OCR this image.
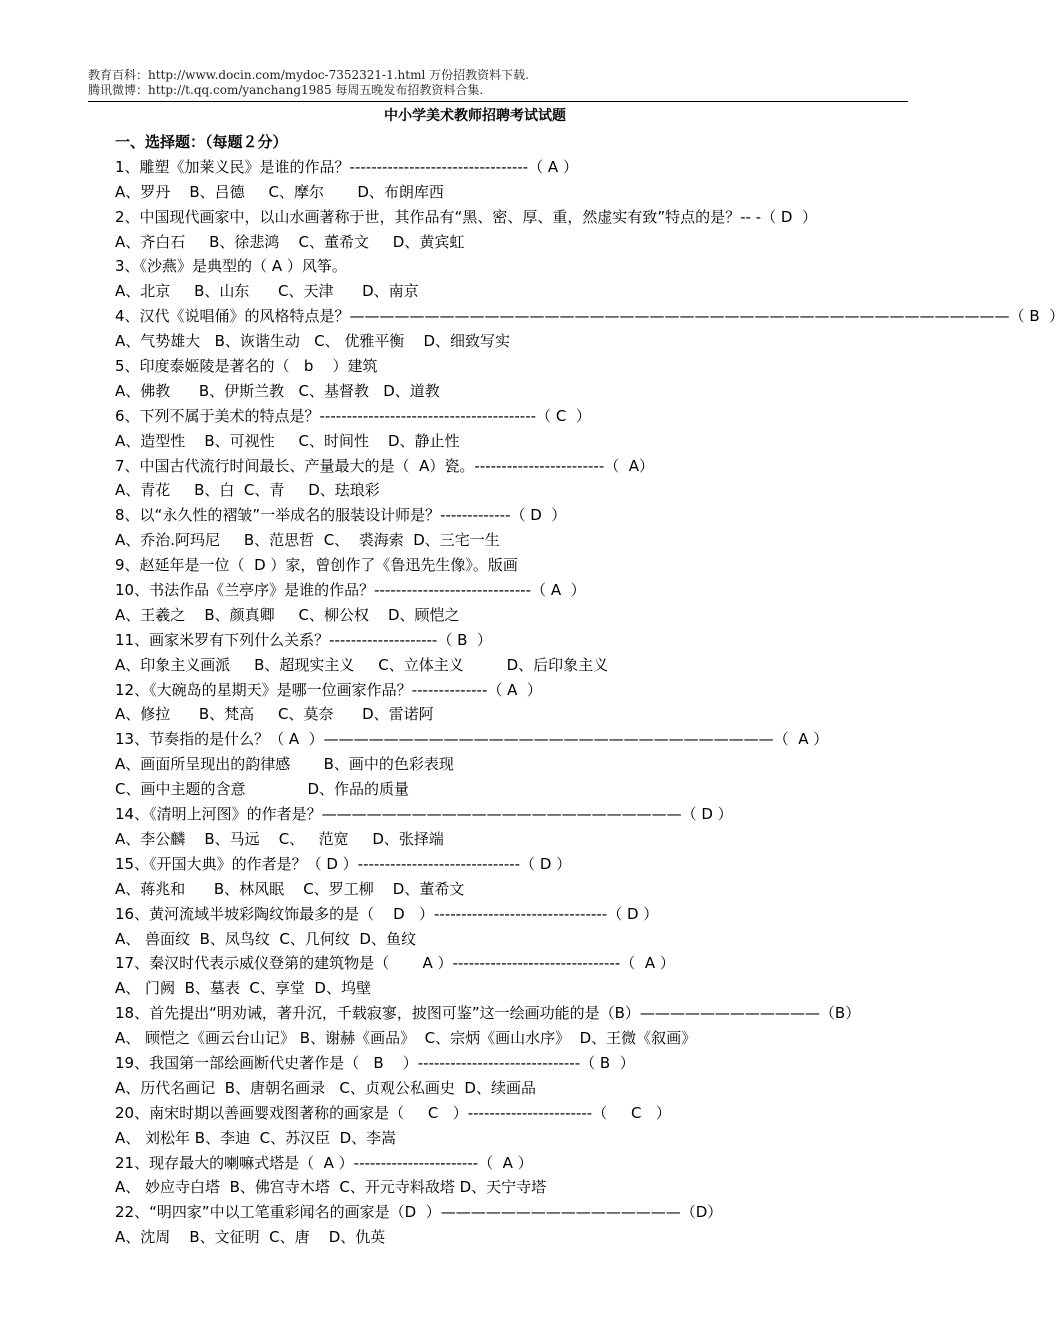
教育百科：http://www.docin.com/mydoc-7352321-1.html 万份招教资料下载.
腾讯微博：http://t.qq.com/yanchang1985 每周五晚发布招教资料合集.
中小学美术教师招聘考试试题
一、选择题：（每题２分）
1、雕塑《加莱义民》是谁的作品？---------------------------------（ A ）
A、罗丹    B、吕德     C、摩尔       D、布朗库西
2、中国现代画家中，以山水画著称于世，其作品有“黑、密、厚、重，然虚实有致”特点的是？-- -（ D  ）
A、齐白石     B、徐悲鸿    C、董希文     D、黄宾虹
3、《沙燕》是典型的（ A ）风筝。
A、北京     B、山东      C、天津      D、南京
4、汉代《说唱俑》的风格特点是？————————————————————————————————————————————（ B  ）
A、气势雄大   B、诙谐生动   C、 优雅平衡    D、细致写实
5、印度泰姬陵是著名的（   b    ）建筑
A、佛教      B、伊斯兰教   C、基督教   D、道教
6、下列不属于美术的特点是？----------------------------------------（ C  ）
A、造型性    B、可视性     C、时间性    D、静止性
7、中国古代流行时间最长、产量最大的是（  A）瓷。------------------------（  A）
A、青花     B、白  C、青     D、珐琅彩
8、以“永久性的褶皱”一举成名的服装设计师是？-------------（ D  ）
A、乔治.阿玛尼     B、范思哲  C、  裘海索  D、三宅一生
9、赵延年是一位（  D ）家，曾创作了《鲁迅先生像》。版画
10、书法作品《兰亭序》是谁的作品？-----------------------------（ A  ）
A、王羲之    B、颜真卿     C、柳公权    D、顾恺之
11、画家米罗有下列什么关系？--------------------（ B  ）
A、印象主义画派     B、超现实主义     C、立体主义         D、后印象主义
12、《大碗岛的星期天》是哪一位画家作品？--------------（ A  ）
A、修拉      B、梵高     C、莫奈      D、雷诺阿
13、节奏指的是什么？（ A  ）——————————————————————————————（  A ）
A、画面所呈现出的韵律感       B、画中的色彩表现
C、画中主题的含意             D、作品的质量
14、《清明上河图》的作者是？————————————————————————（ D ）
A、李公麟    B、马远    C、   范宽     D、张择端
15、《开国大典》的作者是？（ D ）------------------------------（ D ）
A、蒋兆和      B、林风眠    C、罗工柳    D、董希文
16、黄河流域半坡彩陶纹饰最多的是（    D   ）--------------------------------（ D ）
A、 兽面纹  B、凤鸟纹  C、几何纹  D、鱼纹
17、秦汉时代表示威仪登第的建筑物是（       A ）-------------------------------（  A ）
A、 门阙  B、墓表  C、享堂  D、坞壁
18、首先提出“明劝诫，著升沉，千载寂寥，披图可鉴”这一绘画功能的是（B）————————————（B）
A、 顾恺之《画云台山记》 B、谢赫《画品》  C、宗炳《画山水序》  D、王微《叙画》
19、我国第一部绘画断代史著作是（   B    ）------------------------------（ B  ）
A、历代名画记  B、唐朝名画录   C、贞观公私画史  D、续画品
20、南宋时期以善画婴戏图著称的画家是（     C   ）-----------------------（     C   ）
A、 刘松年 B、李迪  C、苏汉臣  D、李嵩
21、现存最大的喇嘛式塔是（  A ）-----------------------（  A ）
A、 妙应寺白塔  B、佛宫寺木塔  C、开元寺料敌塔 D、天宁寺塔
22、“明四家”中以工笔重彩闻名的画家是（D  ）————————————————（D）
A、沈周    B、文征明  C、唐    D、仇英
